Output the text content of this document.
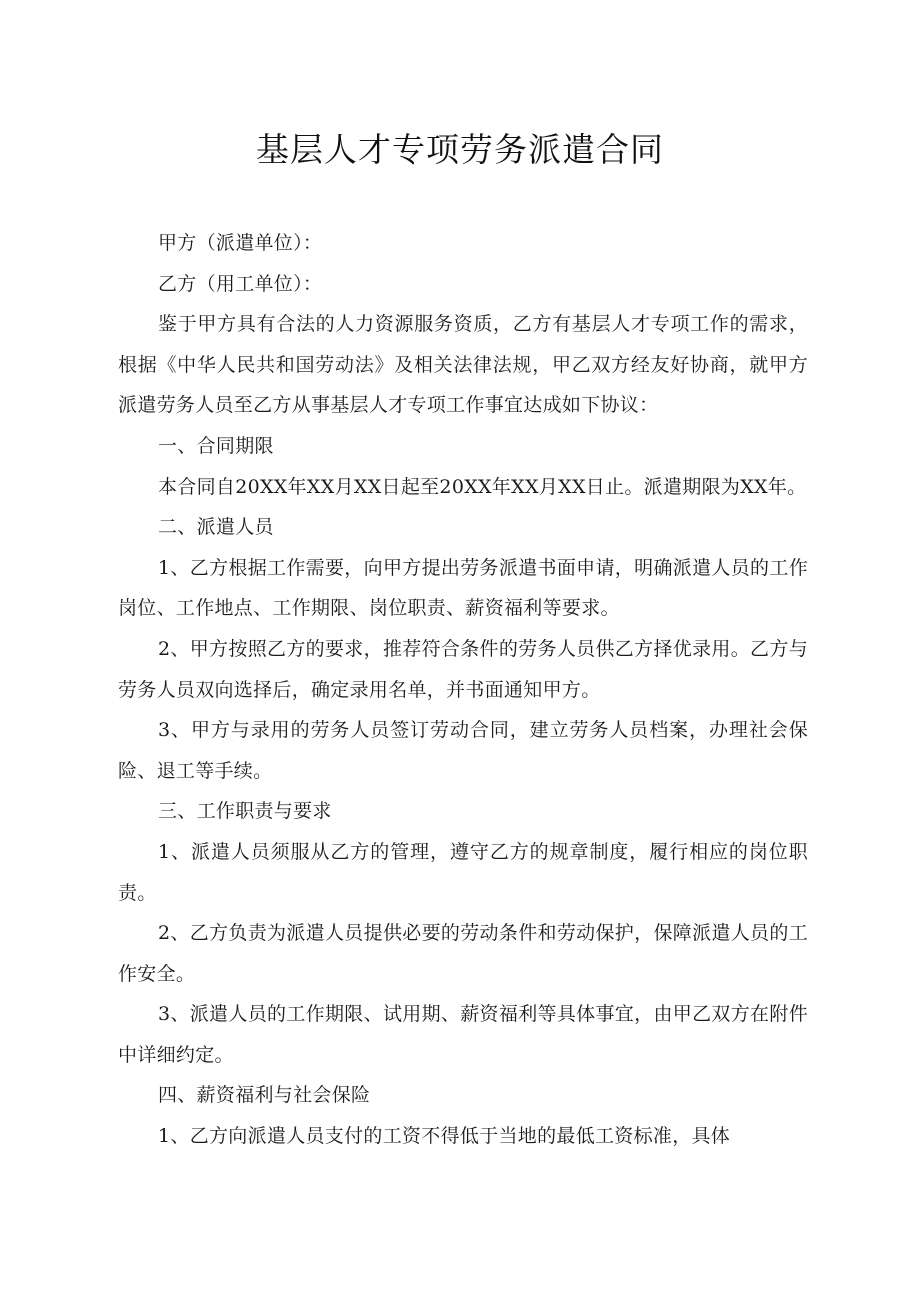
基层人才专项劳务派遣合同

甲方（派遣单位）：

乙方（用工单位）：

鉴于甲方具有合法的人力资源服务资质，乙方有基层人才专项工作的需求，根据《中华人民共和国劳动法》及相关法律法规，甲乙双方经友好协商，就甲方派遣劳务人员至乙方从事基层人才专项工作事宜达成如下协议：

一、合同期限

本合同自20XX年XX月XX日起至20XX年XX月XX日止。派遣期限为XX年。

二、派遣人员

1、乙方根据工作需要，向甲方提出劳务派遣书面申请，明确派遣人员的工作岗位、工作地点、工作期限、岗位职责、薪资福利等要求。

2、甲方按照乙方的要求，推荐符合条件的劳务人员供乙方择优录用。乙方与劳务人员双向选择后，确定录用名单，并书面通知甲方。

3、甲方与录用的劳务人员签订劳动合同，建立劳务人员档案，办理社会保险、退工等手续。

三、工作职责与要求

1、派遣人员须服从乙方的管理，遵守乙方的规章制度，履行相应的岗位职责。

2、乙方负责为派遣人员提供必要的劳动条件和劳动保护，保障派遣人员的工作安全。

3、派遣人员的工作期限、试用期、薪资福利等具体事宜，由甲乙双方在附件中详细约定。

四、薪资福利与社会保险

1、乙方向派遣人员支付的工资不得低于当地的最低工资标准，具体
